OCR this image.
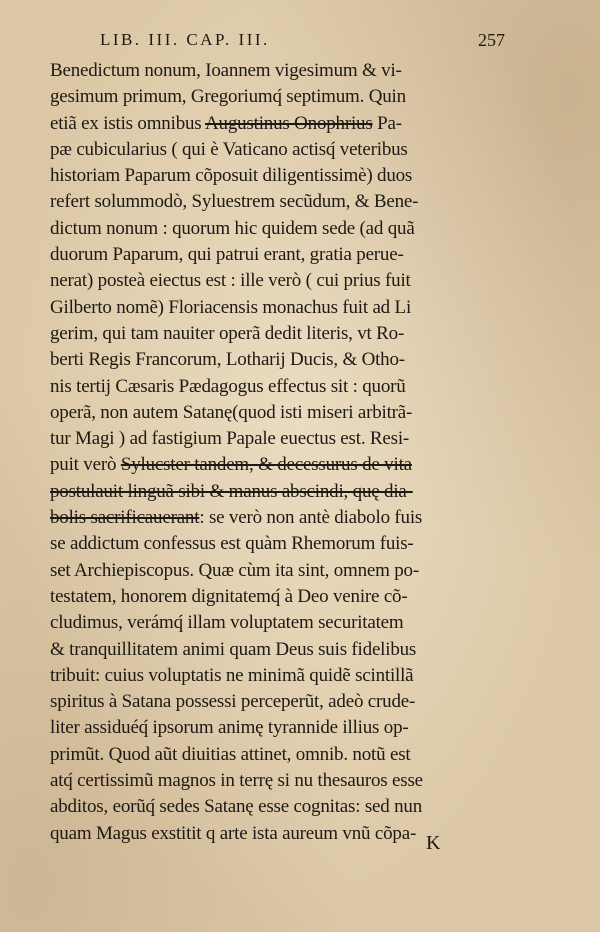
LIB. III. CAP. III.	257
Benedictum nonum, Ioannem vigesimum & vi-
gesimum primum, Gregoriumq́ septimum. Quin
etiã ex istis omnibus Augustinus Onophrius Pa-
pæ cubicularius ( qui è Vaticano actisq́ veteribus
historiam Paparum cõposuit diligentissimè) duos
refert solummodò, Syluestrem secũdum, & Bene-
dictum nonum : quorum hic quidem sede (ad quã
duorum Paparum, qui patrui erant, gratia perue-
nerat) posteà eiectus est : ille verò ( cui prius fuit
Gilberto nomẽ) Floriacensis monachus fuit ad Li
gerim, qui tam nauiter operã dedit literis, vt Ro-
berti Regis Francorum, Lotharij Ducis, & Otho-
nis tertij Cæsaris Pædagogus effectus sit : quorũ
operã, non autem Satanę(quod isti miseri arbitrã-
tur Magi ) ad fastigium Papale euectus est. Resi-
puit verò Sylucster tandem, & decessurus de vita
postulauit linguã sibi & manus abscindi, quę dia-
bolis sacrificauerant: se verò non antè diabolo fuis
se addictum confessus est quàm Rhemorum fuis-
set Archiepiscopus. Quæ cùm ita sint, omnem po-
testatem, honorem dignitatemq́ à Deo venire cõ-
cludimus, verámq́ illam voluptatem securitatem
& tranquillitatem animi quam Deus suis fidelibus
tribuit: cuius voluptatis ne minimã quidẽ scintillã
spiritus à Satana possessi perceperũt, adeò crude-
liter assiduéq́ ipsorum animę tyrannide illius op-
primũt. Quod aũt diuitias attinet, omnib. notũ est
atq́ certissimũ magnos in terrę si nu thesauros esse
abditos, eorũq́ sedes Satanę esse cognitas: sed nun
quam Magus exstitit q arte ista aureum vnũ cõpa- K
